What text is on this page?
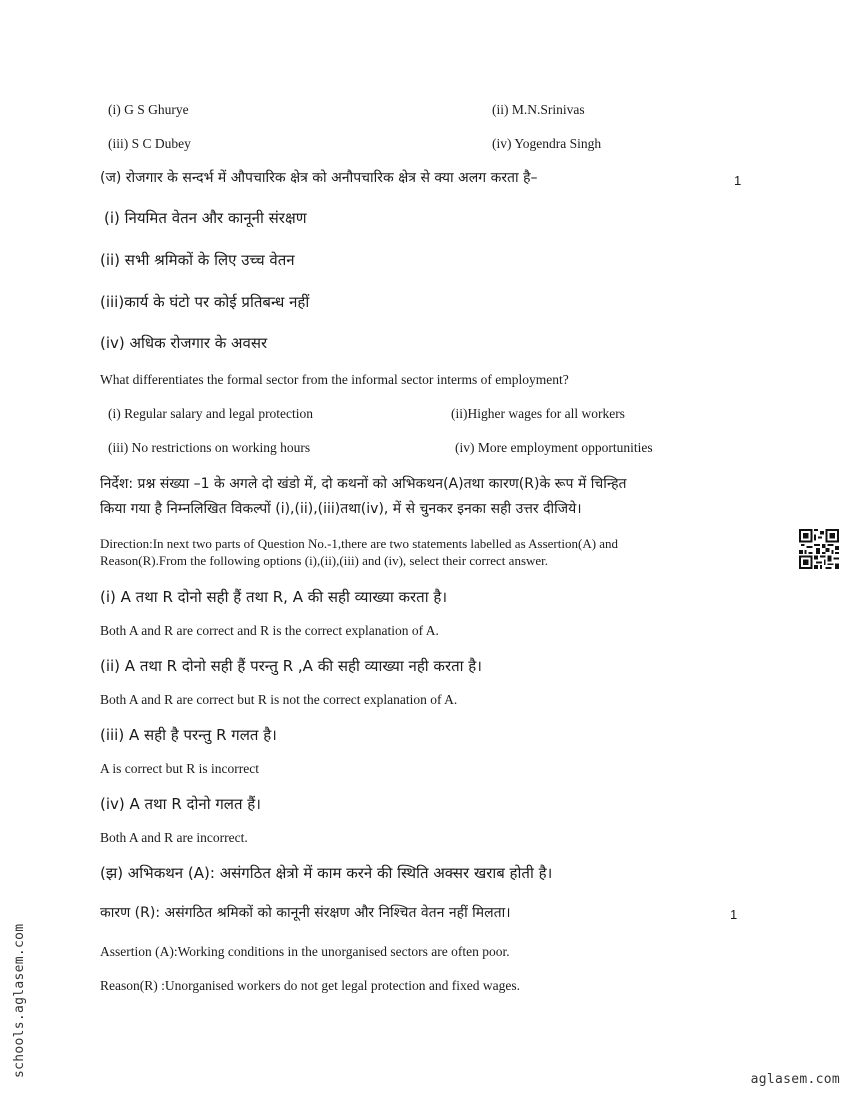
(i) G S Ghurye	(ii) M.N.Srinivas
(iii) S C Dubey	(iv) Yogendra Singh
(ज) रोजगार के सन्दर्भ में औपचारिक क्षेत्र को अनौपचारिक क्षेत्र से क्या अलग करता है–	1
(i) नियमित वेतन और कानूनी संरक्षण
(ii) सभी श्रमिकों के लिए उच्च वेतन
(iii)कार्य के घंटो पर कोई प्रतिबन्ध नहीं
(iv) अधिक रोजगार के अवसर
What differentiates the formal sector from the informal sector interms of employment?
(i) Regular salary and legal protection	(ii)Higher wages for all workers
(iii) No restrictions on working hours	(iv) More employment opportunities
निर्देश: प्रश्न संख्या –1 के अगले दो खंडो में, दो कथनों को अभिकथन(A)तथा कारण(R)के रूप में चिन्हित
किया गया है निम्नलिखित विकल्पों (i),(ii),(iii)तथा(iv), में से चुनकर इनका सही उत्तर दीजिये।
Direction:In next two parts of Question No.-1,there are two statements labelled as Assertion(A) and
Reason(R).From the following options (i),(ii),(iii) and (iv), select their correct answer.
(i) A तथा R दोनो सही हैं तथा R, A की सही व्याख्या करता है।
Both A and R are correct and R is the correct explanation of A.
(ii) A तथा R दोनो सही हैं परन्तु R ,A की सही व्याख्या नही करता है।
Both A and R are correct but R is not the correct explanation of A.
(iii) A सही है परन्तु R गलत है।
A is correct but R is incorrect
(iv) A तथा R दोनो गलत हैं।
Both A and R are incorrect.
(झ) अभिकथन (A): असंगठित क्षेत्रो में काम करने की स्थिति अक्सर खराब होती है।
कारण (R): असंगठित श्रमिकों को कानूनी संरक्षण और निश्चित वेतन नहीं मिलता।	1
Assertion (A):Working conditions in the unorganised sectors are often poor.
Reason(R) :Unorganised workers do not get legal protection and fixed wages.
schools.aglasem.com
aglasem.com
